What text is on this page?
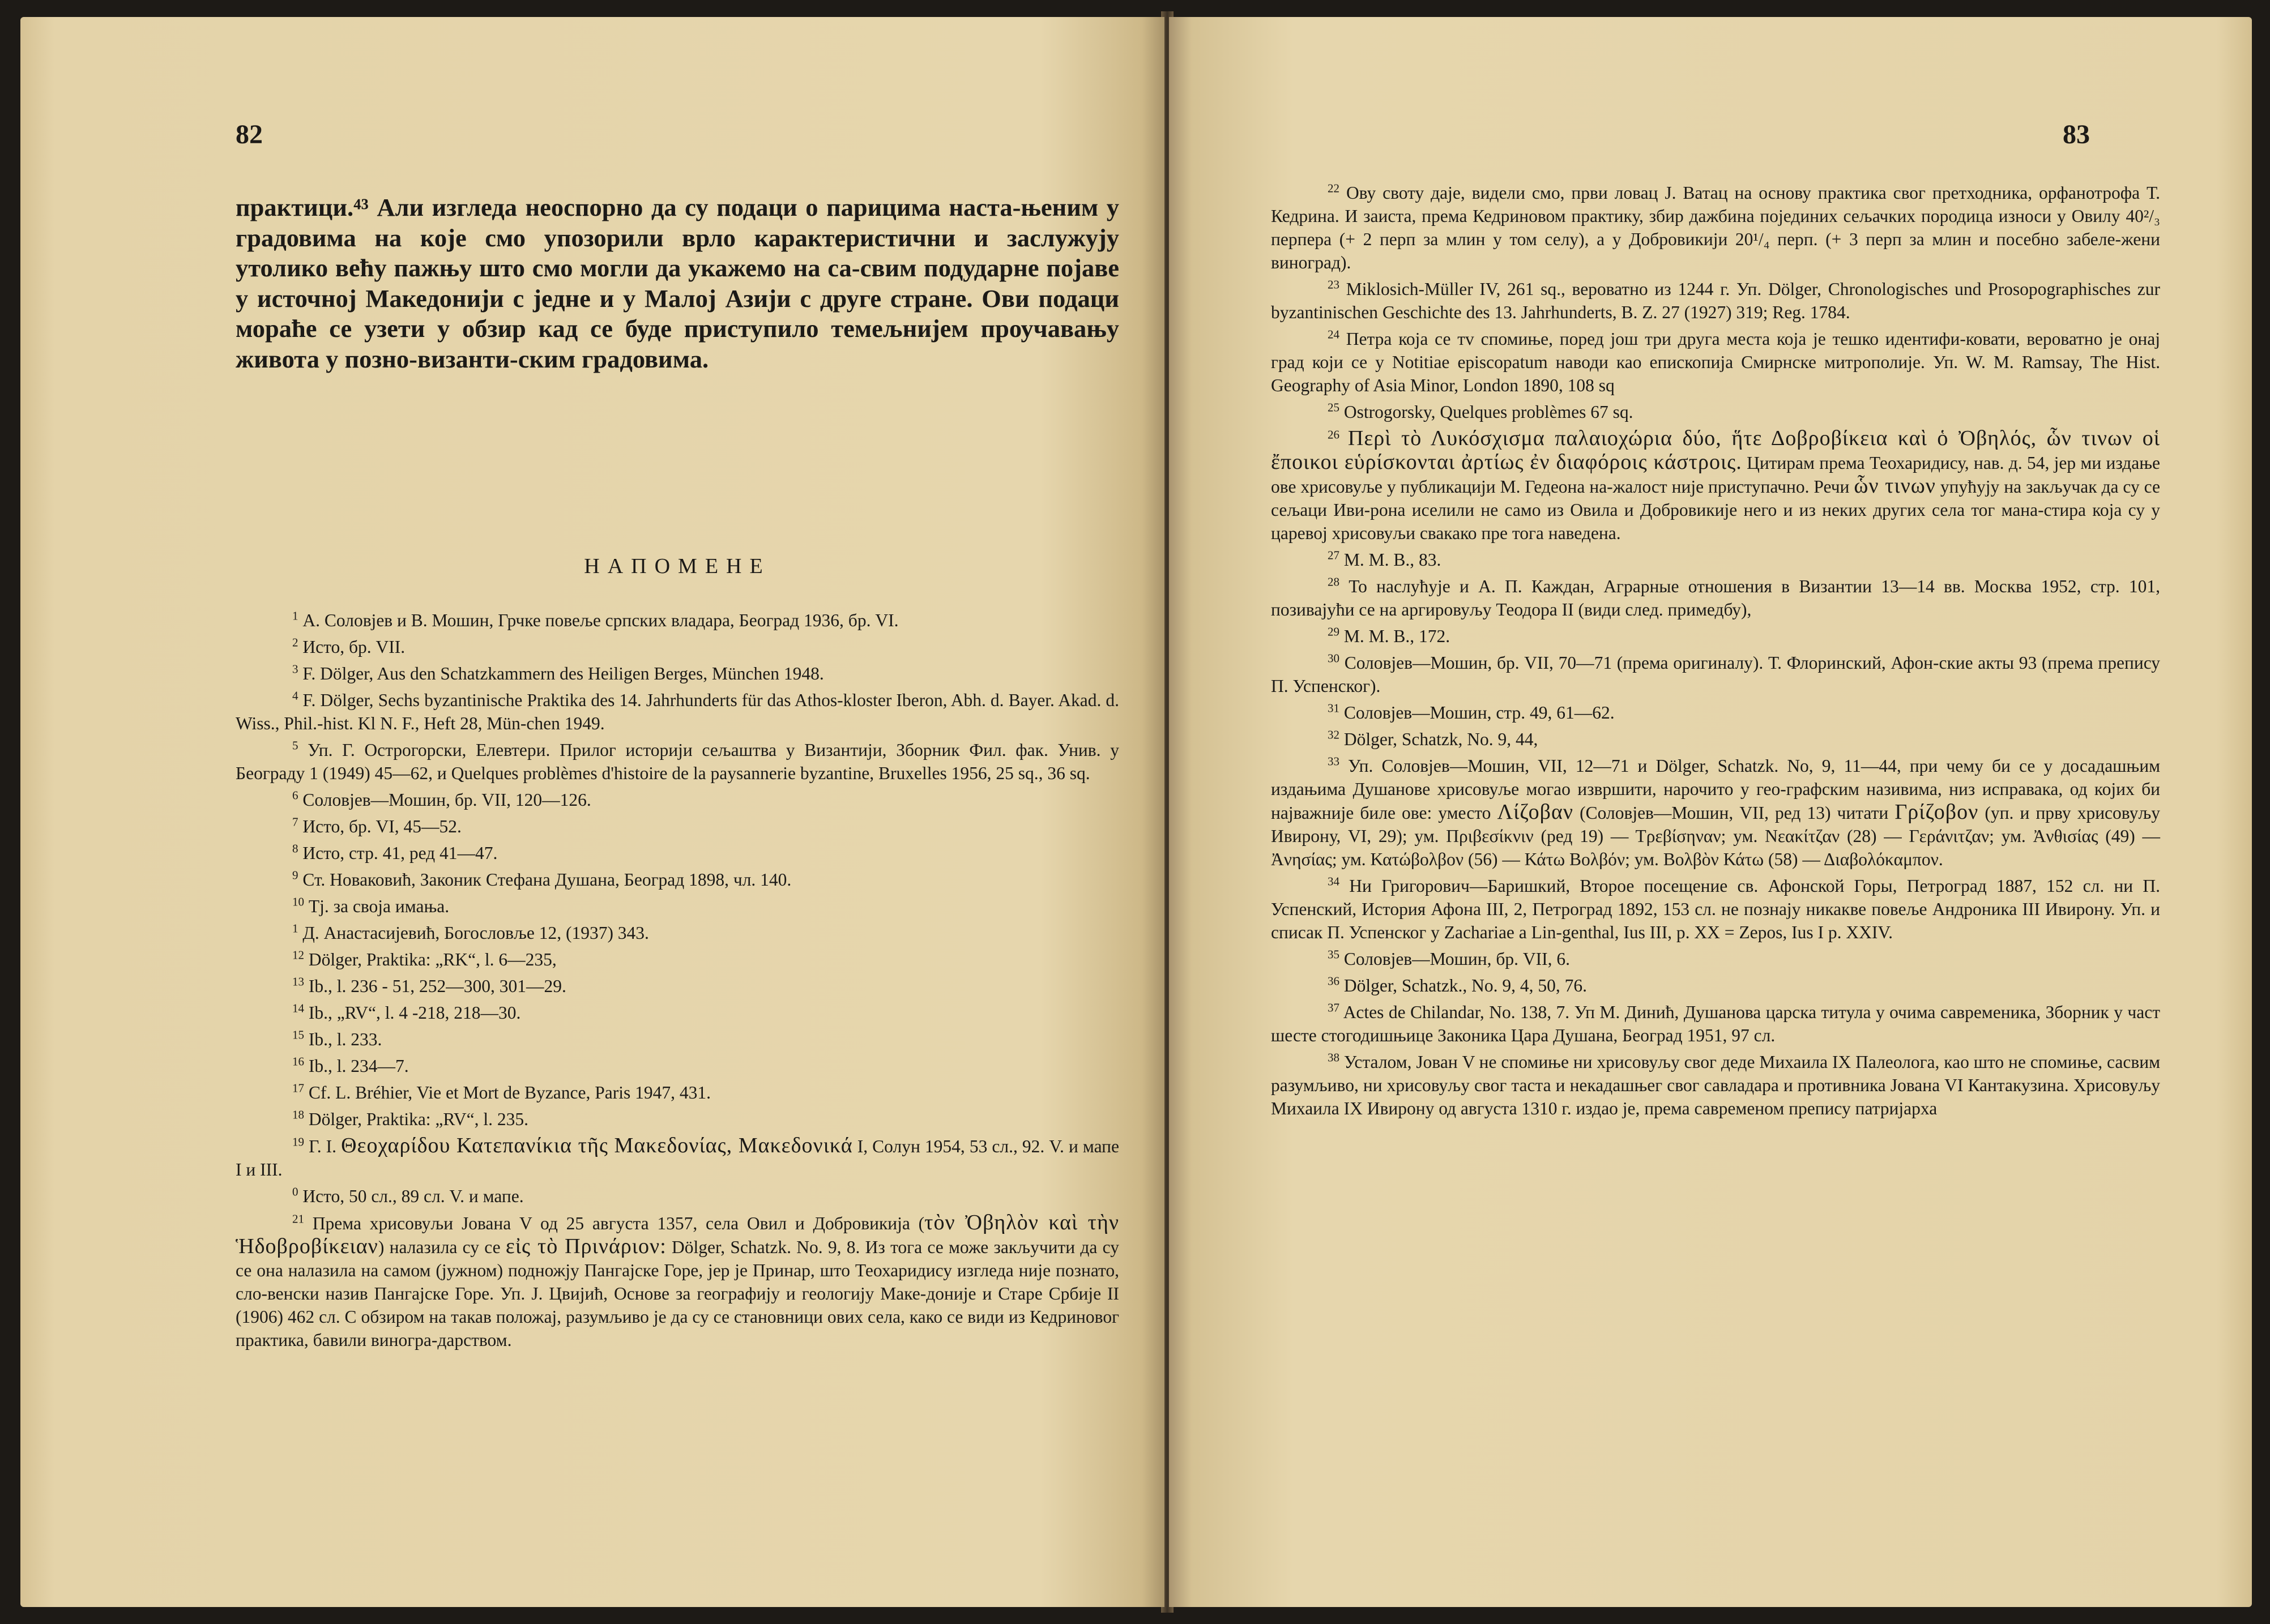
82

практици.⁴³ Али изгледа неоспорно да су подаци о парицима наста-њеним у градовима на које смо упозорили врло карактеристични и заслужују утолико већу пажњу што смо могли да укажемо на са-свим подударне појаве у источној Македонији с једне и у Малој Азији с друге стране. Ови подаци мораће се узети у обзир кад се буде приступило темељнијем проучавању живота у позно-византи-ским градовима.

НАПОМЕНЕ

$^1$ А. Соловјев и В. Мошин, Грчке повеље српских владара, Београд 1936, бр. VI.

$^2$ Исто, бр. VII.

$^3$ F. Dölger, Aus den Schatzkammern des Heiligen Berges, München 1948.

$^4$ F. Dölger, Sechs byzantinische Praktika des 14. Jahrhunderts für das Athos-kloster Iberon, Abh. d. Bayer. Akad. d. Wiss., Phil.-hist. Kl N. F., Heft 28, Mün-chen 1949.

$^5$ Уп. Г. Острогорски, Елевтери. Прилог историји сељаштва у Византији, Зборник Фил. фак. Унив. у Београду 1 (1949) 45—62, и Quelques problèmes d'histoire de la paysannerie byzantine, Bruxelles 1956, 25 sq., 36 sq.

$^6$ Соловјев—Мошин, бр. VII, 120—126.

$^7$ Исто, бр. VI, 45—52.

$^8$ Исто, стр. 41, ред 41—47.

$^9$ Ст. Новаковић, Законик Стефана Душана, Београд 1898, чл. 140.

$^{10}$ Тј. за своја имања.

$^1$ Д. Анастасијевић, Богословље 12, (1937) 343.

$^{12}$ Dölger, Praktika: „RK“, l. 6—235,

$^{13}$ Ib., l. 236 - 51, 252—300, 301—29.

$^{14}$ Ib., „RV“, l. 4 -218, 218—30.

$^{15}$ Ib., l. 233.

$^{16}$ Ib., l. 234—7.

$^{17}$ Cf. L. Bréhier, Vie et Mort de Byzance, Paris 1947, 431.

$^{18}$ Dölger, Praktika: „RV“, l. 235.

$^{19}$ Г. І. Θεοχαρίδου Κατεπανίκια τῆς Μακεδονίας, Μακεδονικά I, Солун 1954, 53 сл., 92. V. и мапе I и III.

$^0$ Исто, 50 сл., 89 сл. V. и мапе.

$^{21}$ Према хрисовуљи Јована V од 25 августа 1357, села Овил и Добровикија (τὸν Ὀβηλὸν καὶ τὴν Ἡδοβροβίκειαν) налазила су се εἰς τὸ Πρινάριον: Dölger, Schatzk. No. 9, 8. Из тога се може закључити да су се она налазила на самом (јужном) подножју Пангајске Горе, јер је Принар, што Теохаридису изгледа није познато, сло-венски назив Пангајске Горе. Уп. Ј. Цвијић, Основе за географију и геологију Маке-доније и Старе Србије II (1906) 462 сл. С обзиром на такав положај, разумљиво је да су се становници ових села, како се види из Кедриновог практика, бавили виногра-дарством.

83

$^{22}$ Ову своту даје, видели смо, први ловац Ј. Ватац на основу практика свог претходника, орфанотрофа Т. Кедрина. И заиста, према Кедриновом практику, збир дажбина појединих сељачких породица износи у Овилу 40²/₃ перпера (+ 2 перп за млин у том селу), а у Добровикији 20¹/₄ перп. (+ 3 перп за млин и посебно забеле-жени виноград).

$^{23}$ Miklosich-Müller IV, 261 sq., вероватно из 1244 г. Уп. Dölger, Chronologisches und Prosopographisches zur byzantinischen Geschichte des 13. Jahrhunderts, B. Z. 27 (1927) 319; Reg. 1784.

$^{24}$ Петра која се тv спомиње, поред још три друга места која је тешко идентифи-ковати, вероватно је онај град који се у Notitiae episcopatum наводи као епископија Смирнске митрополије. Уп. W. M. Ramsay, The Hist. Geography of Asia Minor, London 1890, 108 sq

$^{25}$ Ostrogorsky, Quelques problèmes 67 sq.

$^{26}$ Περὶ τὸ Λυκόσχισμα παλαιοχώρια δύο, ἥτε Δοβροβίκεια καὶ ὁ Ὀβηλός, ὧν τινων οἱ ἔποικοι εὑρίσκονται ἀρτίως ἐν διαφόροις κάστροις. Цитирам према Теохаридису, нав. д. 54, јер ми издање ове хрисовуље у публикацији М. Гедеона на-жалост није приступачно. Речи ὧν τινων упућују на закључак да су се сељаци Иви-рона иселили не само из Овила и Добровикије него и из неких других села тог мана-стира која су у царевој хрисовуљи свакако пре тога наведена.

$^{27}$ М. М. В., 83.

$^{28}$ То наслућује и А. П. Каждан, Аграрные отношения в Византии 13—14 вв. Москва 1952, стр. 101, позивајући се на аргировуљу Теодора II (види след. примедбу),

$^{29}$ М. М. В., 172.

$^{30}$ Соловјев—Мошин, бр. VII, 70—71 (према оригиналу). Т. Флоринский, Афон-ские акты 93 (према препису П. Успенског).

$^{31}$ Соловјев—Мошин, стр. 49, 61—62.

$^{32}$ Dölger, Schatzk, No. 9, 44,

$^{33}$ Уп. Соловјев—Мошин, VII, 12—71 и Dölger, Schatzk. No, 9, 11—44, при чему би се у досадашњим издањима Душанове хрисовуље могао извршити, нарочито у гео-графским називима, низ исправака, од којих би најважније биле ове: уместо Λίζοβαν (Соловјев—Мошин, VII, ред 13) читати Γρίζοβον (уп. и прву хрисовуљу Ивирону, VI, 29); ум. Πριβεσίκνιν (ред 19) — Τρεβίσηναν; ум. Νεακίτζαν (28) — Γεράνιτζαν; ум. Ἀνθισίας (49) — Ἀνησίας; ум. Κατώβολβον (56) — Κάτω Βολβόν; ум. Βολβὸν Κάτω (58) — Διαβολόκαμπον.

$^{34}$ Ни Григорович—Баришкий, Второе посещение св. Афонской Горы, Петроград 1887, 152 сл. ни П. Успенский, История Афона III, 2, Петроград 1892, 153 сл. не познају никакве повеље Андроника III Ивирону. Уп. и списак П. Успенског у Zachariae a Lin-genthal, Ius III, p. XX = Zepos, Ius I p. XXIV.

$^{35}$ Соловјев—Мошин, бр. VII, 6.

$^{36}$ Dölger, Schatzk., No. 9, 4, 50, 76.

$^{37}$ Actes de Chilandar, No. 138, 7. Уп М. Динић, Душанова царска титула у очима савременика, Зборник у част шесте стогодишњице Законика Цара Душана, Београд 1951, 97 сл.

$^{38}$ Усталом, Јован V не спомиње ни хрисовуљу свог деде Михаила IX Палеолога, као што не спомиње, сасвим разумљиво, ни хрисовуљу свог таста и некадашњег свог савладара и противника Јована VI Кантакузина. Хрисовуљу Михаила IX Ивирону од августа 1310 г. издао је, према савременом препису патријарха
